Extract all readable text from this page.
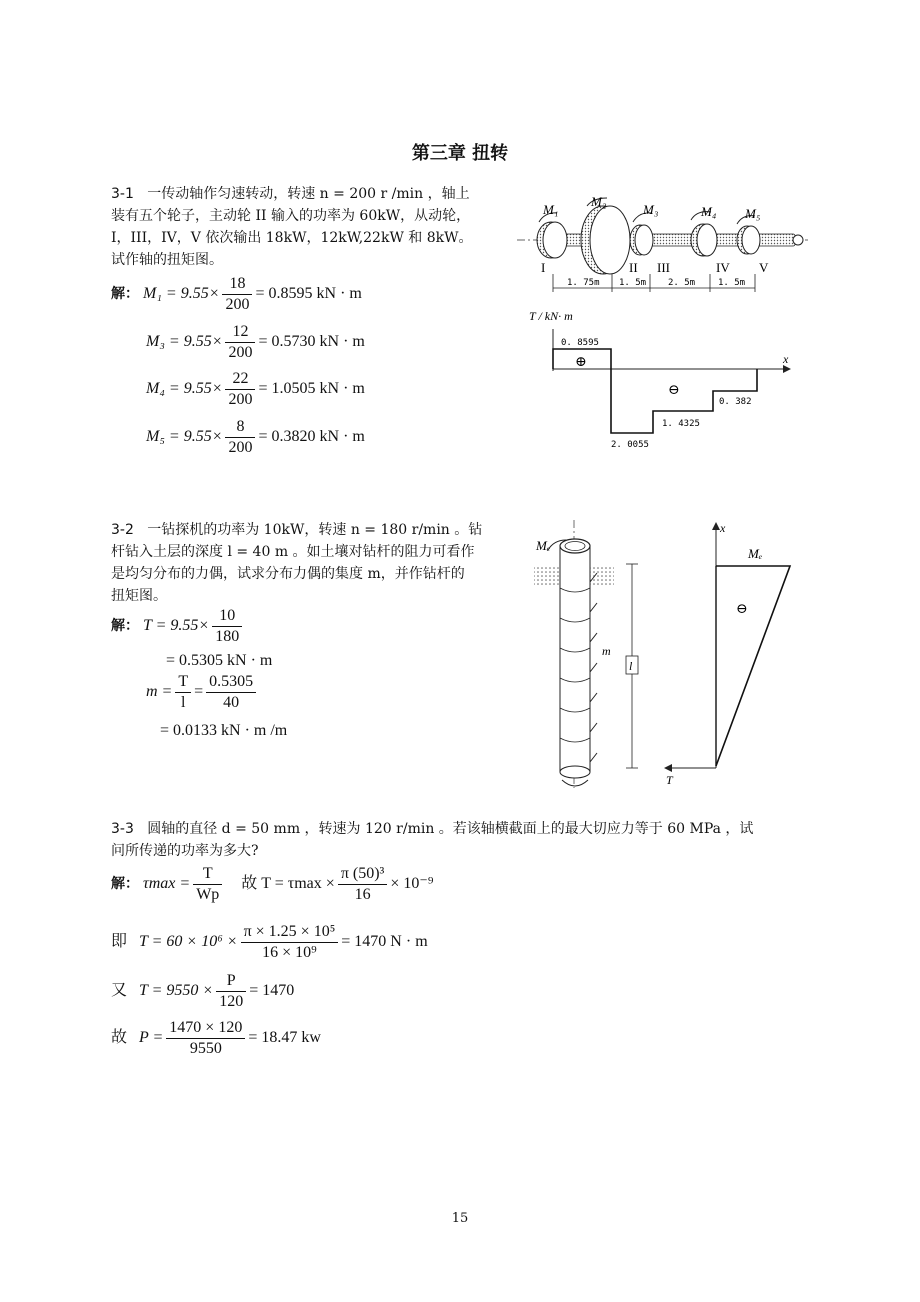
第三章 扭转
3-1 一传动轴作匀速转动，转速 n = 200 r /min ，轴上
装有五个轮子，主动轮 II 输入的功率为 60kW，从动轮，
I，III，IV，V 依次输出 18kW，12kW,22kW 和 8kW。
试作轴的扭矩图。
解： $M_1 = 9.55\times \frac{18}{200} = 0.8595$ kN · m
$M_3 = 9.55\times \frac{12}{200} = 0.5730$ kN · m
$M_4 = 9.55\times \frac{22}{200} = 1.0505$ kN · m
$M_5 = 9.55\times \frac{8}{200} = 0.3820$ kN · m
M₁
M₂
M₃	M₄ M₅
I	II III	IV V
1. 75m 1. 5m 2. 5m	1. 5m
T / kN· m
x
0. 8595
⊕
⊖
2. 0055
1. 4325
0. 382
3-2 一钻探机的功率为 10kW，转速 n = 180 r/min 。钻
杆钻入土层的深度 l = 40 m 。如土壤对钻杆的阻力可看作
是均匀分布的力偶，试求分布力偶的集度 m，并作钻杆的
扭矩图。
解： $T = 9.55\times \frac{10}{180}$
= 0.5305 kN · m
$m = \frac{T}{l} = \frac{0.5305}{40}$
= 0.0133 kN · m /m
Mₑ
m
l
x
Mₑ
⊖
T
3-3 圆轴的直径 d = 50 mm ，转速为 120 r/min 。若该轴横截面上的最大切应力等于 60 MPa ，试
问所传递的功率为多大?
解： $\tau\max = \frac{T}{Wp}$ 故 $T = \tau\max \times \frac{\text{π (50)³}}{16} \times 10^{-9}$
即 $T = 60 \times 10^6 \times \frac{\text{π × 1.25 × 10⁵}}{\text{16 × 10⁹}} = 1470$ N · m
又 $T = 9550 \times \frac{P}{120} = 1470$
故 $P = \frac{1470 \times 120}{9550} = 18.47$ kw
15
